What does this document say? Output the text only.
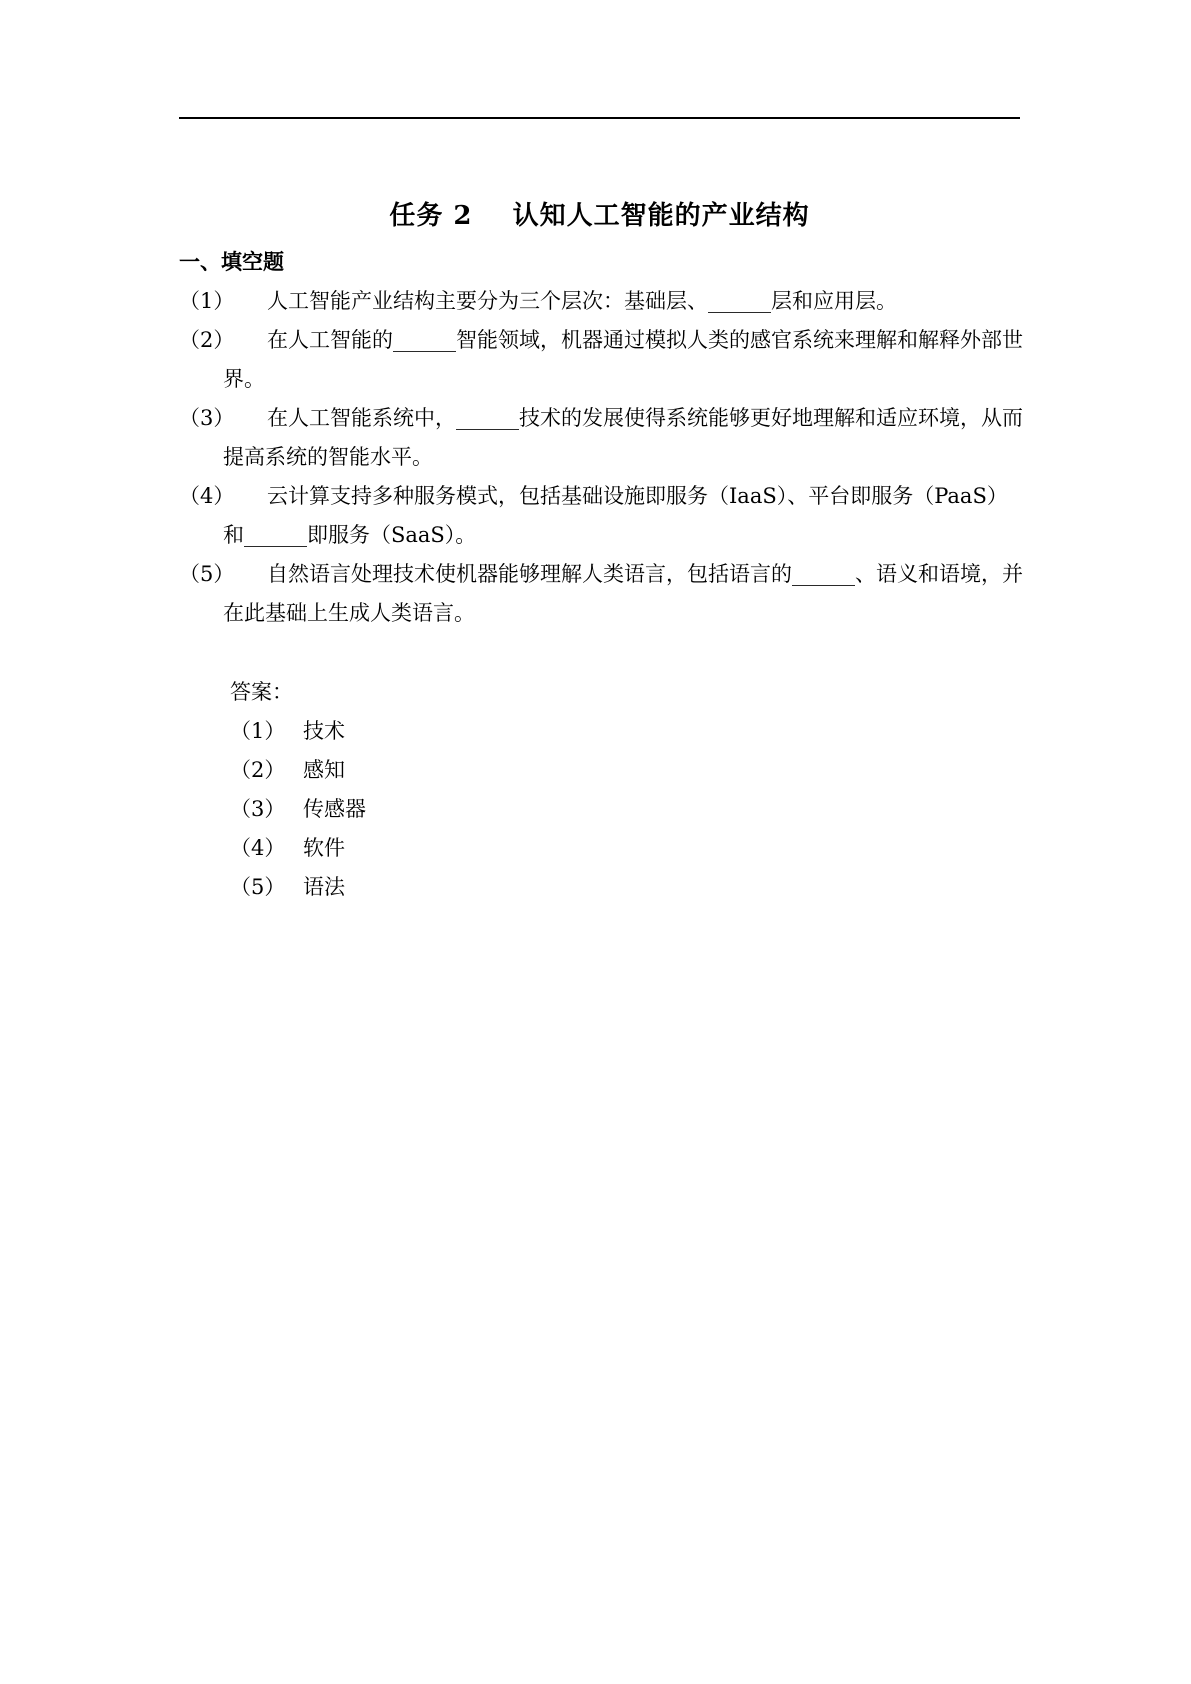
任务 2    认知人工智能的产业结构
一、填空题

（1） 人工智能产业结构主要分为三个层次：基础层、______层和应用层。

（2） 在人工智能的______智能领域，机器通过模拟人类的感官系统来理解和解释外部世界。

（3） 在人工智能系统中，______技术的发展使得系统能够更好地理解和适应环境，从而提高系统的智能水平。

（4） 云计算支持多种服务模式，包括基础设施即服务（IaaS）、平台即服务（PaaS）和______即服务（SaaS）。

（5） 自然语言处理技术使机器能够理解人类语言，包括语言的______、语义和语境，并在此基础上生成人类语言。

答案：

（1） 技术

（2） 感知

（3） 传感器

（4） 软件

（5） 语法
